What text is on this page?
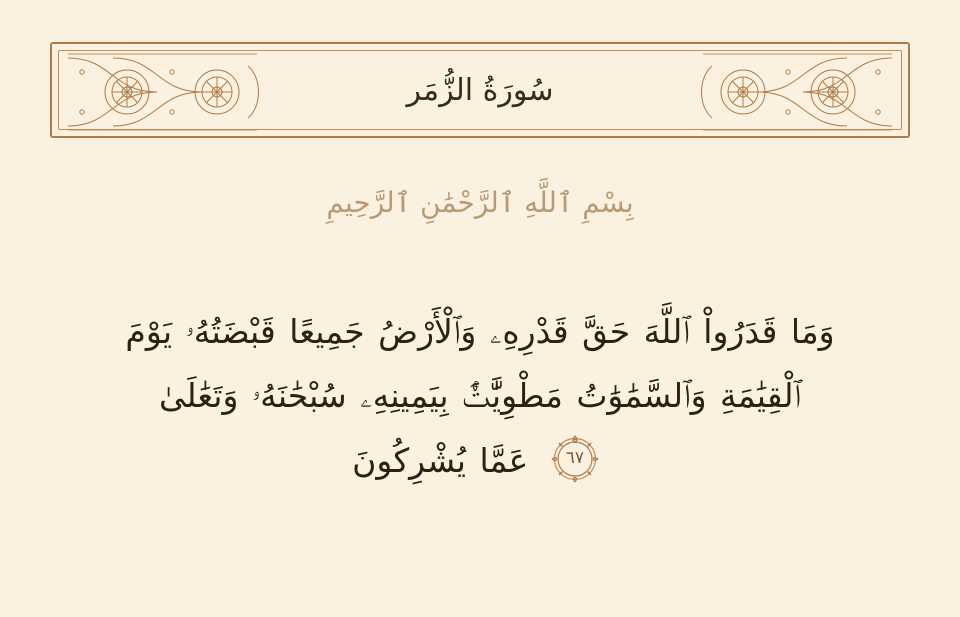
سُورَةُ الزُّمَر
بِسْمِ ٱللَّهِ ٱلرَّحْمَٰنِ ٱلرَّحِيمِ
وَمَا قَدَرُواْ ٱللَّهَ حَقَّ قَدْرِهِۦ وَٱلْأَرْضُ جَمِيعًا قَبْضَتُهُۥ يَوْمَ
ٱلْقِيَٰمَةِ وَٱلسَّمَٰوَٰتُ مَطْوِيَّٰتٌۢ بِيَمِينِهِۦ سُبْحَٰنَهُۥ وَتَعَٰلَىٰ
٦٧
عَمَّا يُشْرِكُونَ
